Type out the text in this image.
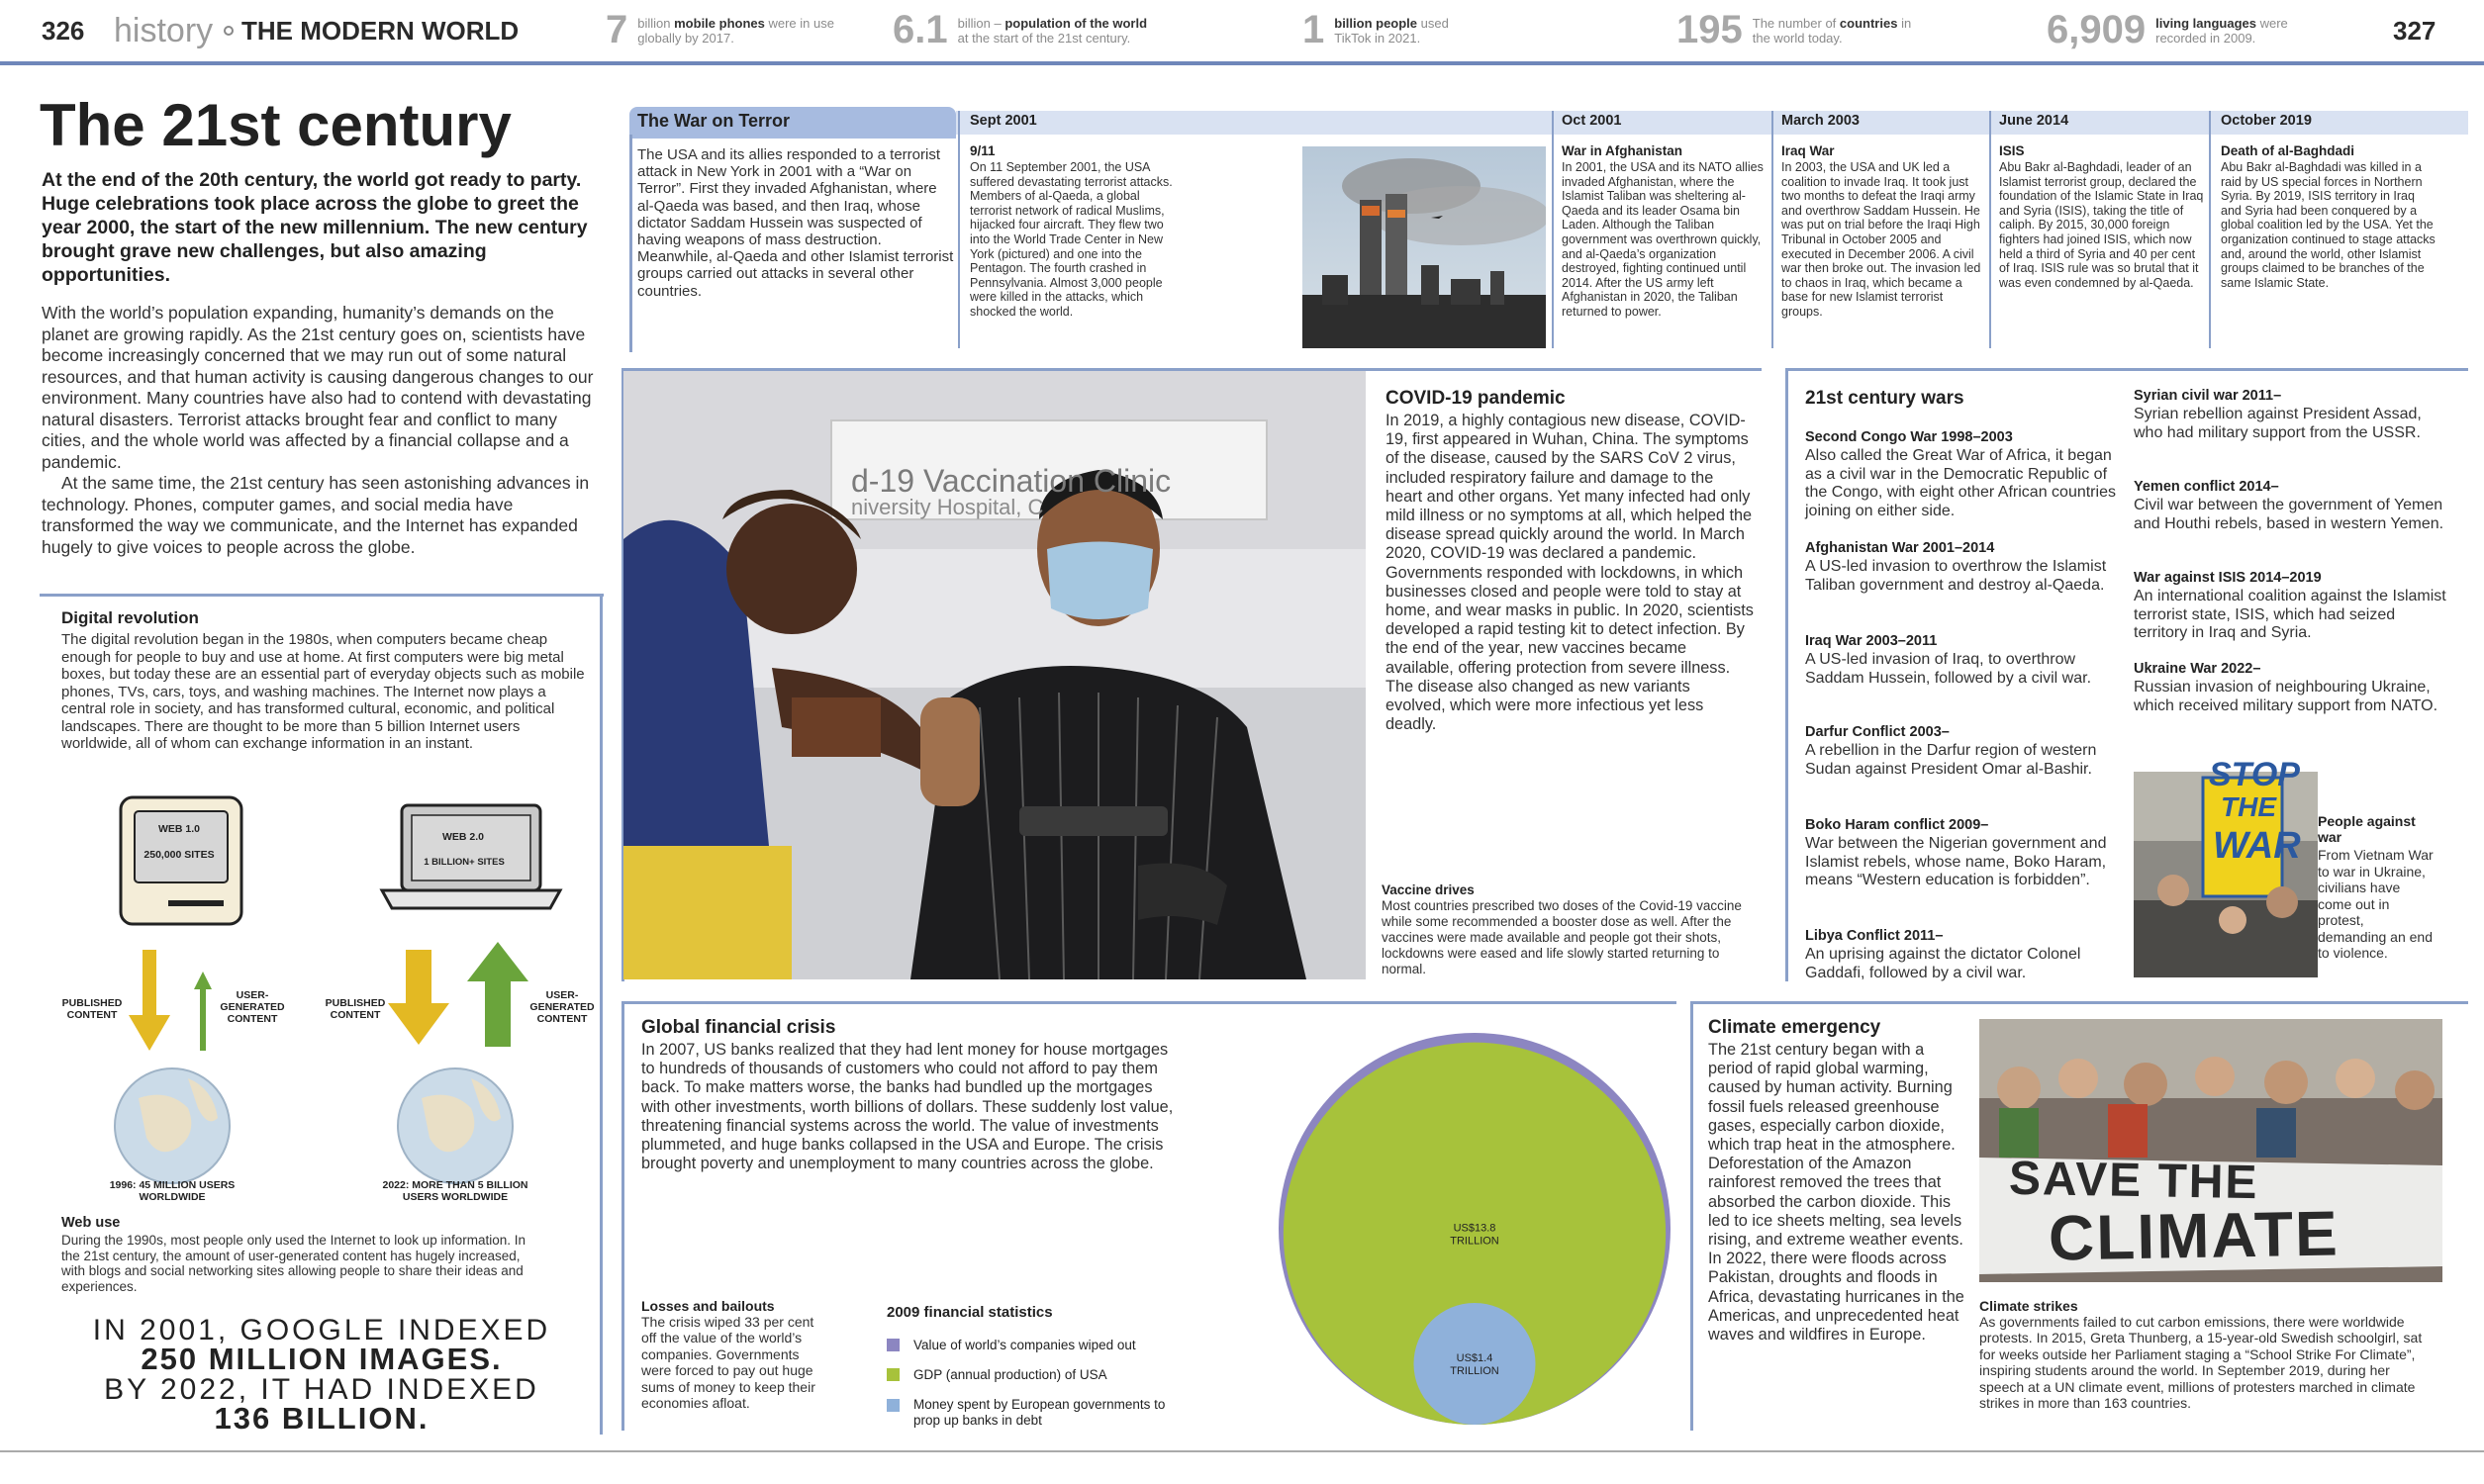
326 history THE MODERN WORLD 7 billion mobile phones were in use globally by 2017.	6.1 billion – population of the world at the start of the 21st century.	1 billion people used TikTok in 2021.	195 The number of countries in the world today.	6,909 living languages were recorded in 2009.	327
The 21st century
At the end of the 20th century, the world got ready to party. Huge celebrations took place across the globe to greet the year 2000, the start of the new millennium. The new century brought grave new challenges, but also amazing opportunities.
With the world’s population expanding, humanity’s demands on the planet are growing rapidly. As the 21st century goes on, scientists have become increasingly concerned that we may run out of some natural resources, and that human activity is causing dangerous changes to our environment. Many countries have also had to contend with devastating natural disasters. Terrorist attacks brought fear and conflict to many cities, and the whole world was affected by a financial collapse and a pandemic.
At the same time, the 21st century has seen astonishing advances in technology. Phones, computer games, and social media have transformed the way we communicate, and the Internet has expanded hugely to give voices to people across the globe.
Digital revolution
The digital revolution began in the 1980s, when computers became cheap enough for people to buy and use at home. At first computers were big metal boxes, but today these are an essential part of everyday objects such as mobile phones, TVs, cars, toys, and washing machines. The Internet now plays a central role in society, and has transformed cultural, economic, and political landscapes. There are thought to be more than 5 billion Internet users worldwide, all of whom can exchange information in an instant.
WEB 1.0
250,000 SITES
WEB 2.0
1 BILLION+ SITES
PUBLISHED CONTENT
USER-GENERATED CONTENT
PUBLISHED CONTENT
USER-GENERATED CONTENT
1996: 45 MILLION USERS WORLDWIDE
2022: MORE THAN 5 BILLION USERS WORLDWIDE
Web use
During the 1990s, most people only used the Internet to look up information. In the 21st century, the amount of user-generated content has hugely increased, with blogs and social networking sites allowing people to share their ideas and experiences.
IN 2001, GOOGLE INDEXED
250 MILLION IMAGES.
BY 2022, IT HAD INDEXED
136 BILLION.
The War on Terror
The USA and its allies responded to a terrorist attack in New York in 2001 with a “War on Terror”. First they invaded Afghanistan, where al-Qaeda was based, and then Iraq, whose dictator Saddam Hussein was suspected of having weapons of mass destruction. Meanwhile, al-Qaeda and other Islamist terrorist groups carried out attacks in several other countries.
Sept 2001
9/11
On 11 September 2001, the USA suffered devastating terrorist attacks. Members of al-Qaeda, a global terrorist network of radical Muslims, hijacked four aircraft. They flew two into the World Trade Center in New York (pictured) and one into the Pentagon. The fourth crashed in Pennsylvania. Almost 3,000 people were killed in the attacks, which shocked the world.
Oct 2001
War in Afghanistan
In 2001, the USA and its NATO allies invaded Afghanistan, where the Islamist Taliban was sheltering al-Qaeda and its leader Osama bin Laden. Although the Taliban government was overthrown quickly, and al-Qaeda’s organization destroyed, fighting continued until 2014. After the US army left Afghanistan in 2020, the Taliban returned to power.
March 2003
Iraq War
In 2003, the USA and UK led a coalition to invade Iraq. It took just two months to defeat the Iraqi army and overthrow Saddam Hussein. He was put on trial before the Iraqi High Tribunal in October 2005 and executed in December 2006. A civil war then broke out. The invasion led to chaos in Iraq, which became a base for new Islamist terrorist groups.
June 2014
ISIS
Abu Bakr al-Baghdadi, leader of an Islamist terrorist group, declared the foundation of the Islamic State in Iraq and Syria (ISIS), taking the title of caliph. By 2015, 30,000 foreign fighters had joined ISIS, which now held a third of Syria and 40 per cent of Iraq. ISIS rule was so brutal that it was even condemned by al-Qaeda.
October 2019
Death of al-Baghdadi
Abu Bakr al-Baghdadi was killed in a raid by US special forces in Northern Syria. By 2019, ISIS territory in Iraq and Syria had been conquered by a global coalition led by the USA. Yet the organization continued to stage attacks and, around the world, other Islamist groups claimed to be branches of the same Islamic State.
d-19 Vaccination Clinic
niversity Hospital, C
COVID-19 pandemic
In 2019, a highly contagious new disease, COVID-19, first appeared in Wuhan, China. The symptoms of the disease, caused by the SARS CoV 2 virus, included respiratory failure and damage to the heart and other organs. Yet many infected had only mild illness or no symptoms at all, which helped the disease spread quickly around the world. In March 2020, COVID-19 was declared a pandemic. Governments responded with lockdowns, in which businesses closed and people were told to stay at home, and wear masks in public. In 2020, scientists developed a rapid testing kit to detect infection. By the end of the year, new vaccines became available, offering protection from severe illness. The disease also changed as new variants evolved, which were more infectious yet less deadly.
Vaccine drives
Most countries prescribed two doses of the Covid-19 vaccine while some recommended a booster dose as well. After the vaccines were made available and people got their shots, lockdowns were eased and life slowly started returning to normal.
21st century wars
Second Congo War 1998–2003
Also called the Great War of Africa, it began as a civil war in the Democratic Republic of the Congo, with eight other African countries joining on either side.
Afghanistan War 2001–2014
A US-led invasion to overthrow the Islamist Taliban government and destroy al-Qaeda.
Iraq War 2003–2011
A US-led invasion of Iraq, to overthrow Saddam Hussein, followed by a civil war.
Darfur Conflict 2003–
A rebellion in the Darfur region of western Sudan against President Omar al-Bashir.
Boko Haram conflict 2009–
War between the Nigerian government and Islamist rebels, whose name, Boko Haram, means “Western education is forbidden”.
Libya Conflict 2011–
An uprising against the dictator Colonel Gaddafi, followed by a civil war.
Syrian civil war 2011–
Syrian rebellion against President Assad, who had military support from the USSR.
Yemen conflict 2014–
Civil war between the government of Yemen and Houthi rebels, based in western Yemen.
War against ISIS 2014–2019
An international coalition against the Islamist terrorist state, ISIS, which had seized territory in Iraq and Syria.
Ukraine War 2022–
Russian invasion of neighbouring Ukraine, which received military support from NATO.
STOP
THE
WAR
People against war
From Vietnam War to war in Ukraine, civilians have come out in protest, demanding an end to violence.
Global financial crisis
In 2007, US banks realized that they had lent money for house mortgages to hundreds of thousands of customers who could not afford to pay them back. To make matters worse, the banks had bundled up the mortgages with other investments, worth billions of dollars. These suddenly lost value, threatening financial systems across the world. The value of investments plummeted, and huge banks collapsed in the USA and Europe. The crisis brought poverty and unemployment to many countries across the globe.
Losses and bailouts
The crisis wiped 33 per cent off the value of the world’s companies. Governments were forced to pay out huge sums of money to keep their economies afloat.
2009 financial statistics
Value of world’s companies wiped out
GDP (annual production) of USA
Money spent by European governments to prop up banks in debt
US$13.8 TRILLION
US$1.4 TRILLION
Climate emergency
The 21st century began with a period of rapid global warming, caused by human activity. Burning fossil fuels released greenhouse gases, especially carbon dioxide, which trap heat in the atmosphere. Deforestation of the Amazon rainforest removed the trees that absorbed the carbon dioxide. This led to ice sheets melting, sea levels rising, and extreme weather events. In 2022, there were floods across Pakistan, droughts and floods in Africa, devastating hurricanes in the Americas, and unprecedented heat waves and wildfires in Europe.
SAVE THE
CLIMATE
Climate strikes
As governments failed to cut carbon emissions, there were worldwide protests. In 2015, Greta Thunberg, a 15-year-old Swedish schoolgirl, sat for weeks outside her Parliament staging a “School Strike For Climate”, inspiring students around the world. In September 2019, during her speech at a UN climate event, millions of protesters marched in climate strikes in more than 163 countries.
